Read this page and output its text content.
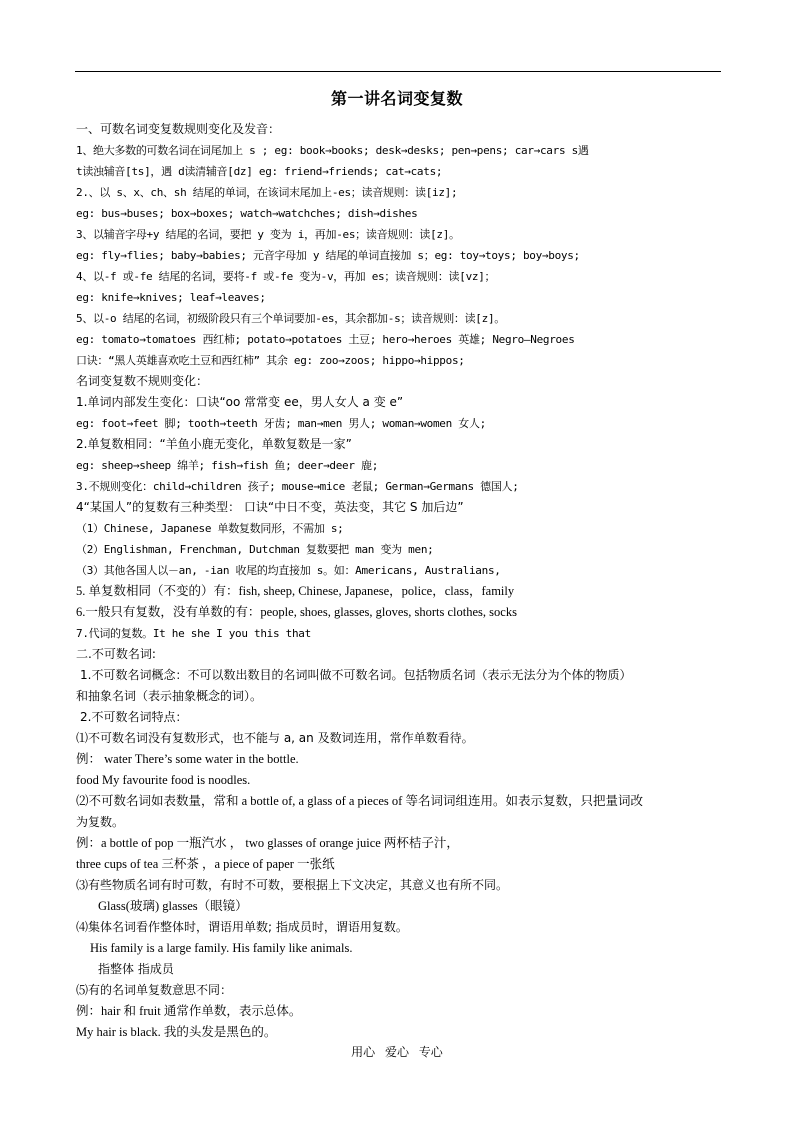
第一讲名词变复数
一、可数名词变复数规则变化及发音：
1、绝大多数的可数名词在词尾加上 s ; eg: book→books; desk→desks; pen→pens; car→cars s遇
t读浊辅音[ts]，遇 d读清辅音[dz] eg: friend→friends; cat→cats;
2.、以 s、x、ch、sh 结尾的单词，在该词末尾加上-es；读音规则：读[iz];
eg: bus→buses; box→boxes; watch→watchches; dish→dishes
3、以辅音字母+y 结尾的名词，要把 y 变为 i，再加-es；读音规则：读[z]。
eg: fly→flies; baby→babies; 元音字母加 y 结尾的单词直接加 s；eg: toy→toys; boy→boys;
4、以-f 或-fe 结尾的名词，要将-f 或-fe 变为-v，再加 es；读音规则：读[vz]；
eg: knife→knives; leaf→leaves;
5、以-o 结尾的名词，初级阶段只有三个单词要加-es，其余都加-s；读音规则：读[z]。
eg: tomato→tomatoes 西红柿; potato→potatoes 土豆; hero→heroes 英雄; Negro—Negroes
口诀：“黑人英雄喜欢吃土豆和西红柿” 其余 eg: zoo→zoos; hippo→hippos;
名词变复数不规则变化：
1.单词内部发生变化：口诀“oo 常常变 ee，男人女人 a 变 e”
eg: foot→feet 脚; tooth→teeth 牙齿; man→men 男人; woman→women 女人;
2.单复数相同：“羊鱼小鹿无变化，单数复数是一家”
eg: sheep→sheep 绵羊; fish→fish 鱼; deer→deer 鹿;
3.不规则变化：child→children 孩子; mouse→mice 老鼠; German→Germans 德国人;
4“某国人”的复数有三种类型： 口诀“中日不变，英法变，其它 S 加后边”
（1）Chinese, Japanese 单数复数同形，不需加 s;
（2）Englishman, Frenchman, Dutchman 复数要把 man 变为 men;
（3）其他各国人以－an, -ian 收尾的均直接加 s。如：Americans, Australians,
5. 单复数相同（不变的）有：fish, sheep, Chinese, Japanese，police，class，family
6.一般只有复数，没有单数的有：people, shoes, glasses, gloves, shorts clothes, socks
7.代词的复数。It he she I you this that
二.不可数名词:
1.不可数名词概念：不可以数出数目的名词叫做不可数名词。包括物质名词（表示无法分为个体的物质）
和抽象名词（表示抽象概念的词）。
2.不可数名词特点：
⑴不可数名词没有复数形式，也不能与 a, an 及数词连用，常作单数看待。
例： water There’s some water in the bottle.
food My favourite food is noodles.
⑵不可数名词如表数量，常和 a bottle of, a glass of a pieces of 等名词词组连用。如表示复数，只把量词改
为复数。
例：a bottle of pop 一瓶汽水 ， two glasses of orange juice 两杯桔子汁，
three cups of tea 三杯茶 ，a piece of paper 一张纸
⑶有些物质名词有时可数，有时不可数，要根据上下文决定，其意义也有所不同。
Glass(玻璃) glasses（眼镜）
⑷集体名词看作整体时，谓语用单数; 指成员时，谓语用复数。
His family is a large family. His family like animals.
指整体 指成员
⑸有的名词单复数意思不同：
例：hair 和 fruit 通常作单数，表示总体。
My hair is black. 我的头发是黑色的。
用心 爱心 专心
